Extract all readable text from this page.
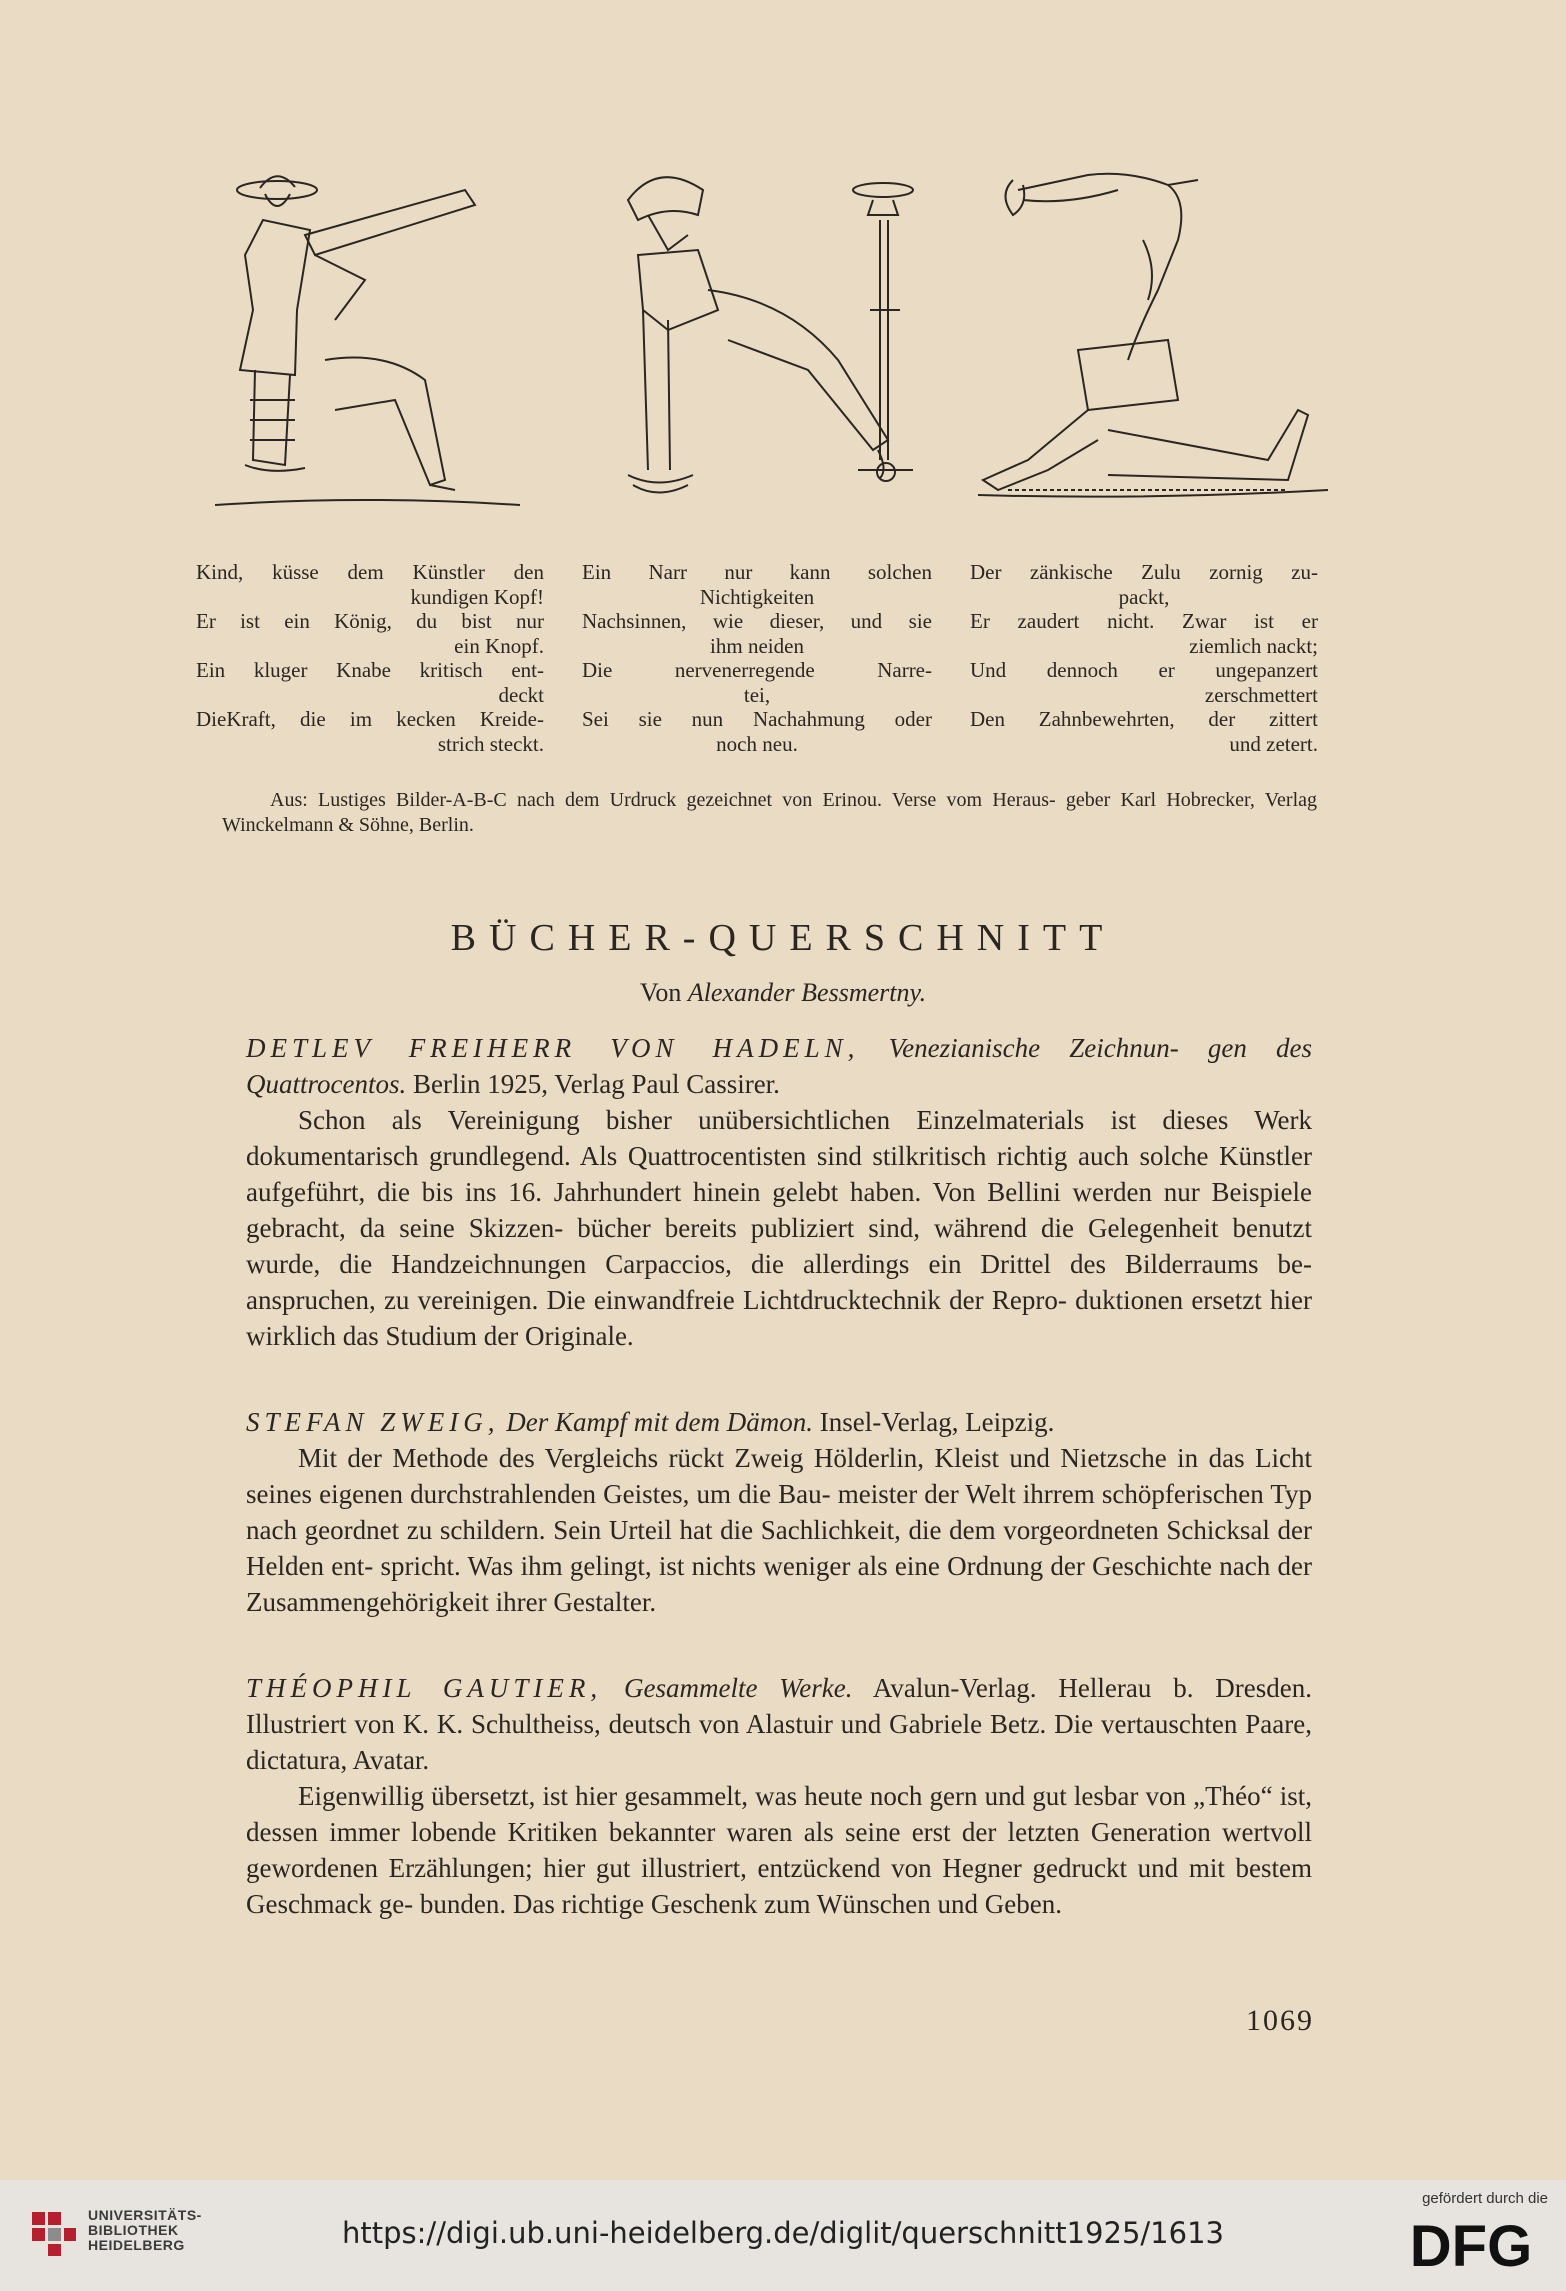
Kind, küsse dem Künstler den
kundigen Kopf!
Er ist ein König, du bist nur
ein Knopf.
Ein kluger Knabe kritisch ent-
deckt
DieKraft, die im kecken Kreide-
strich steckt.
Ein Narr nur kann solchen
Nichtigkeiten
Nachsinnen, wie dieser, und sie
ihm neiden
Die nervenerregende Narre-
tei,
Sei sie nun Nachahmung oder
noch neu.
Der zänkische Zulu zornig zu-
packt,
Er zaudert nicht. Zwar ist er
ziemlich nackt;
Und dennoch er ungepanzert
zerschmettert
Den Zahnbewehrten, der zittert
und zetert.
Aus: Lustiges Bilder-A-B-C nach dem Urdruck gezeichnet von Erinou. Verse vom Heraus- geber Karl Hobrecker, Verlag Winckelmann & Söhne, Berlin.
BÜCHER-QUERSCHNITT
Von Alexander Bessmertny.

DETLEV FREIHERR VON HADELN, Venezianische Zeichnun- gen des Quattrocentos. Berlin 1925, Verlag Paul Cassirer.

Schon als Vereinigung bisher unübersichtlichen Einzelmaterials ist dieses Werk dokumentarisch grundlegend. Als Quattrocentisten sind stilkritisch richtig auch solche Künstler aufgeführt, die bis ins 16. Jahrhundert hinein gelebt haben. Von Bellini werden nur Beispiele gebracht, da seine Skizzen- bücher bereits publiziert sind, während die Gelegenheit benutzt wurde, die Handzeichnungen Carpaccios, die allerdings ein Drittel des Bilderraums be- anspruchen, zu vereinigen. Die einwandfreie Lichtdrucktechnik der Repro- duktionen ersetzt hier wirklich das Studium der Originale.

STEFAN ZWEIG, Der Kampf mit dem Dämon. Insel-Verlag, Leipzig.

Mit der Methode des Vergleichs rückt Zweig Hölderlin, Kleist und Nietzsche in das Licht seines eigenen durchstrahlenden Geistes, um die Bau- meister der Welt ihrrem schöpferischen Typ nach geordnet zu schildern. Sein Urteil hat die Sachlichkeit, die dem vorgeordneten Schicksal der Helden ent- spricht. Was ihm gelingt, ist nichts weniger als eine Ordnung der Geschichte nach der Zusammengehörigkeit ihrer Gestalter.

THÉOPHIL GAUTIER, Gesammelte Werke. Avalun-Verlag. Hellerau b. Dresden. Illustriert von K. K. Schultheiss, deutsch von Alastuir und Gabriele Betz. Die vertauschten Paare, dictatura, Avatar.

Eigenwillig übersetzt, ist hier gesammelt, was heute noch gern und gut lesbar von „Théo“ ist, dessen immer lobende Kritiken bekannter waren als seine erst der letzten Generation wertvoll gewordenen Erzählungen; hier gut illustriert, entzückend von Hegner gedruckt und mit bestem Geschmack ge- bunden. Das richtige Geschenk zum Wünschen und Geben.

1069
UNIVERSITÄTS-
BIBLIOTHEK
HEIDELBERG	https://digi.ub.uni-heidelberg.de/diglit/querschnitt1925/1613
gefördert durch die
DFG
